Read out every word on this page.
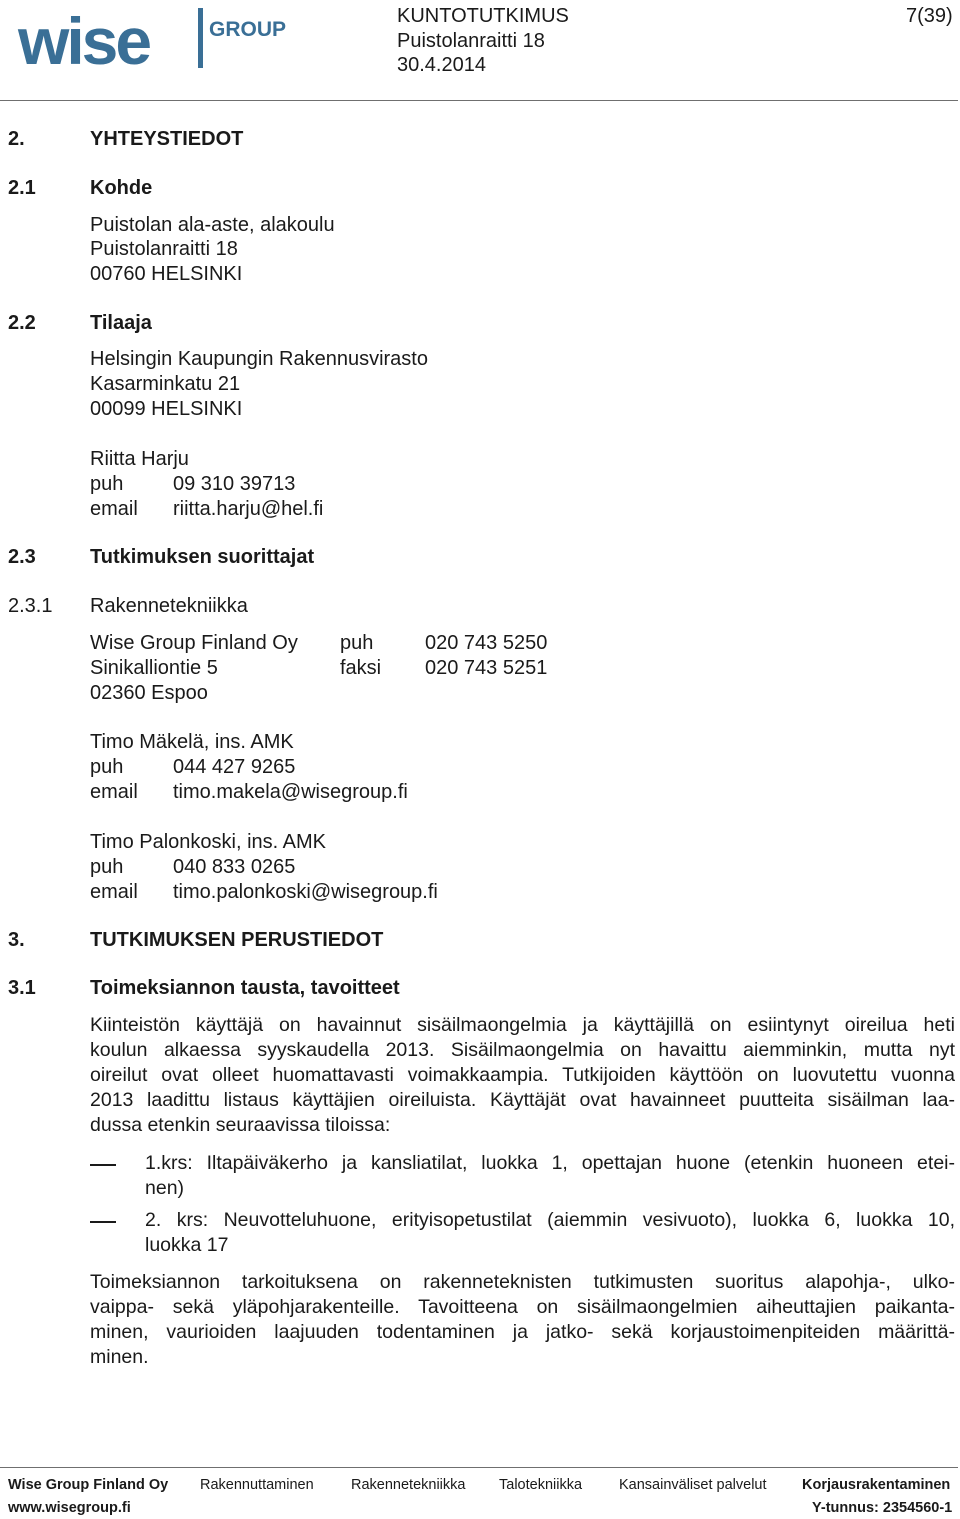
wise	GROUP
KUNTOTUTKIMUS
Puistolanraitti 18
30.4.2014
7(39)
2.	YHTEYSTIEDOT
2.1	Kohde
Puistolan ala-aste, alakoulu
Puistolanraitti 18
00760 HELSINKI
2.2	Tilaaja
Helsingin Kaupungin Rakennusvirasto
Kasarminkatu 21
00099 HELSINKI
Riitta Harju
puh 09 310 39713
email riitta.harju@hel.fi
2.3	Tutkimuksen suorittajat
2.3.1 Rakennetekniikka
Wise Group Finland Oy puh	020 743 5250
Sinikalliontie 5	faksi 020 743 5251
02360 Espoo
Timo Mäkelä, ins. AMK
puh 044 427 9265
email timo.makela@wisegroup.fi
Timo Palonkoski, ins. AMK
puh 040 833 0265
email timo.palonkoski@wisegroup.fi
3.	TUTKIMUKSEN PERUSTIEDOT
3.1	Toimeksiannon tausta, tavoitteet
Kiinteistön käyttäjä on havainnut sisäilmaongelmia ja käyttäjillä on esiintynyt oireilua heti
koulun alkaessa syyskaudella 2013. Sisäilmaongelmia on havaittu aiemminkin, mutta nyt
oireilut ovat olleet huomattavasti voimakkaampia. Tutkijoiden käyttöön on luovutettu vuonna
2013 laadittu listaus käyttäjien oireiluista. Käyttäjät ovat havainneet puutteita sisäilman laa-
dussa etenkin seuraavissa tiloissa:
1.krs: Iltapäiväkerho ja kansliatilat, luokka 1, opettajan huone (etenkin huoneen etei-
nen)
2. krs: Neuvotteluhuone, erityisopetustilat (aiemmin vesivuoto), luokka 6, luokka 10,
luokka 17
Toimeksiannon tarkoituksena on rakenneteknisten tutkimusten suoritus alapohja-, ulko-
vaippa- sekä yläpohjarakenteille. Tavoitteena on sisäilmaongelmien aiheuttajien paikanta-
minen, vaurioiden laajuuden todentaminen ja jatko- sekä korjaustoimenpiteiden määrittä-
minen.
Wise Group Finland Oy Rakennuttaminen	Rakennetekniikka Talotekniikka	Kansainväliset palvelut Korjausrakentaminen
www.wisegroup.fi	Y-tunnus: 2354560-1
